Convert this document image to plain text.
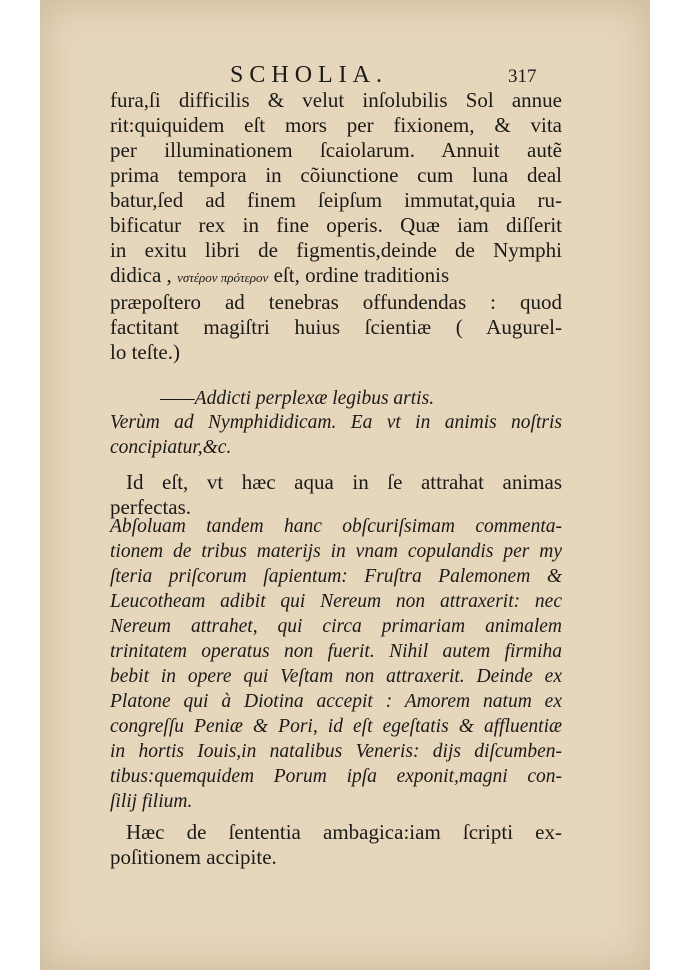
SCHOLIA.	317
fura,ſi difficilis & velut inſolubilis Sol annue
rit:quiquidem eſt mors per fixionem, & vita
per illuminationem ſcaiolarum. Annuit autẽ
prima tempora in cõiunctione cum luna deal
batur,ſed ad finem ſeipſum immutat,quia ru-
bificatur rex in fine operis. Quæ iam diſſerit
in exitu libri de figmentis,deinde de Nymphi
didica , νστέρον πρότερον eſt, ordine traditionis
præpoſtero ad tenebras offundendas : quod
factitant magiſtri huius ſcientiæ ( Augurel-
lo teſte.)
——Addicti perplexæ legibus artis.
Verùm ad Nymphididicam. Ea vt in animis noſtris
concipiatur,&c.
Id eſt, vt hæc aqua in ſe attrahat animas
perfectas.
Abſoluam tandem hanc obſcuriſsimam commenta-
tionem de tribus materijs in vnam copulandis per my
ſteria priſcorum ſapientum: Fruſtra Palemonem &
Leucotheam adibit qui Nereum non attraxerit: nec
Nereum attrahet, qui circa primariam animalem
trinitatem operatus non fuerit. Nihil autem firmiha
bebit in opere qui Veſtam non attraxerit. Deinde ex
Platone qui à Diotina accepit : Amorem natum ex
congreſſu Peniæ & Pori, id eſt egeſtatis & affluentiæ
in hortis Iouis,in natalibus Veneris: dijs diſcumben-
tibus:quemquidem Porum ipſa exponit,magni con-
ſilij filium.
Hæc de ſententia ambagica:iam ſcripti ex-
poſitionem accipite.
